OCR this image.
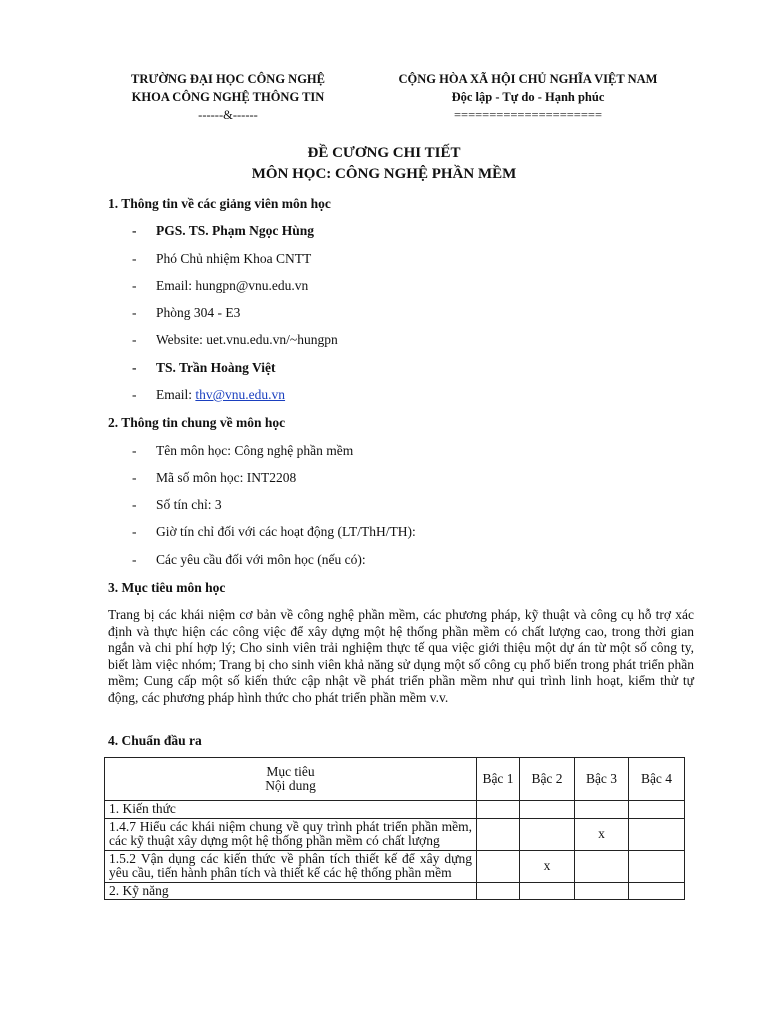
TRƯỜNG ĐẠI HỌC CÔNG NGHỆ
KHOA CÔNG NGHỆ THÔNG TIN
------&------
CỘNG HÒA XÃ HỘI CHỦ NGHĨA VIỆT NAM
Độc lập - Tự do - Hạnh phúc
=====================
ĐỀ CƯƠNG CHI TIẾT
MÔN HỌC: CÔNG NGHỆ PHẦN MỀM
1. Thông tin về các giảng viên môn học
- PGS. TS. Phạm Ngọc Hùng
- Phó Chủ nhiệm Khoa CNTT
- Email: hungpn@vnu.edu.vn
- Phòng 304 - E3
- Website: uet.vnu.edu.vn/~hungpn
- TS. Trần Hoàng Việt
- Email: thv@vnu.edu.vn
2. Thông tin chung về môn học
- Tên môn học: Công nghệ phần mềm
- Mã số môn học: INT2208
- Số tín chỉ: 3
- Giờ tín chỉ đối với các hoạt động (LT/ThH/TH):
- Các yêu cầu đối với môn học (nếu có):
3. Mục tiêu môn học
Trang bị các khái niệm cơ bản về công nghệ phần mềm, các phương pháp, kỹ thuật và công cụ hỗ trợ xác định và thực hiện các công việc để xây dựng một hệ thống phần mềm có chất lượng cao, trong thời gian ngắn và chi phí hợp lý; Cho sinh viên trải nghiệm thực tế qua việc giới thiệu một dự án từ một số công ty, biết làm việc nhóm; Trang bị cho sinh viên khả năng sử dụng một số công cụ phổ biến trong phát triển phần mềm; Cung cấp một số kiến thức cập nhật về phát triển phần mềm như qui trình linh hoạt, kiểm thử tự động, các phương pháp hình thức cho phát triển phần mềm v.v.
4. Chuẩn đầu ra
Mục tiêu
Nội dung	Bậc 1	Bậc 2	Bậc 3	Bậc 4
1. Kiến thức				
1.4.7 Hiểu các khái niệm chung về quy trình phát triển phần mềm, các kỹ thuật xây dựng một hệ thống phần mềm có chất lượng			x	
1.5.2 Vận dụng các kiến thức về phân tích thiết kế để xây dựng yêu cầu, tiến hành phân tích và thiết kế các hệ thống phần mềm		x		
2. Kỹ năng				
